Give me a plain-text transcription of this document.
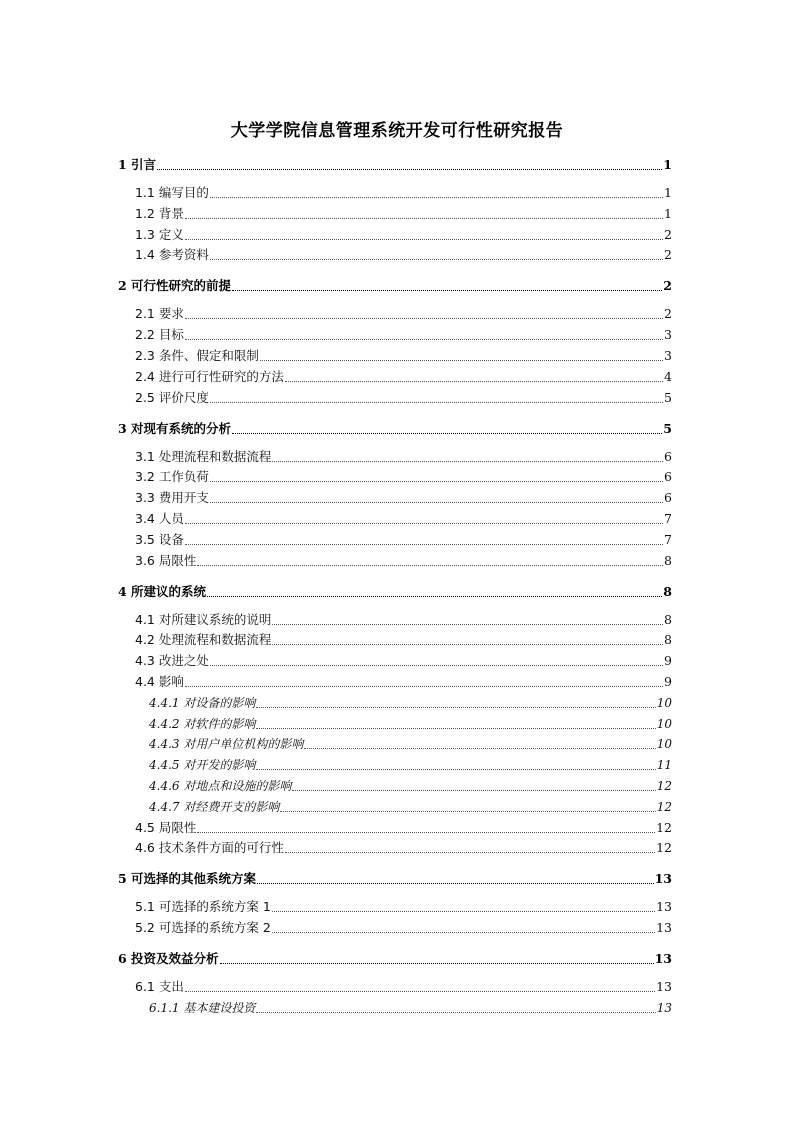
大学学院信息管理系统开发可行性研究报告
1 引言	1
1.1 编写目的	1
1.2 背景	1
1.3 定义	2
1.4 参考资料	2
2 可行性研究的前提	2
2.1 要求	2
2.2 目标	3
2.3 条件、假定和限制	3
2.4 进行可行性研究的方法	4
2.5 评价尺度	5
3 对现有系统的分析	5
3.1 处理流程和数据流程	6
3.2 工作负荷	6
3.3 费用开支	6
3.4 人员	7
3.5 设备	7
3.6 局限性	8
4 所建议的系统	8
4.1 对所建议系统的说明	8
4.2 处理流程和数据流程	8
4.3 改进之处	9
4.4 影响	9
4.4.1 对设备的影响	10
4.4.2 对软件的影响	10
4.4.3 对用户单位机构的影响	10
4.4.5 对开发的影响	11
4.4.6 对地点和设施的影响	12
4.4.7 对经费开支的影响	12
4.5 局限性	12
4.6 技术条件方面的可行性	12
5 可选择的其他系统方案	13
5.1 可选择的系统方案 1	13
5.2 可选择的系统方案 2	13
6 投资及效益分析	13
6.1 支出	13
6.1.1 基本建设投资	13
